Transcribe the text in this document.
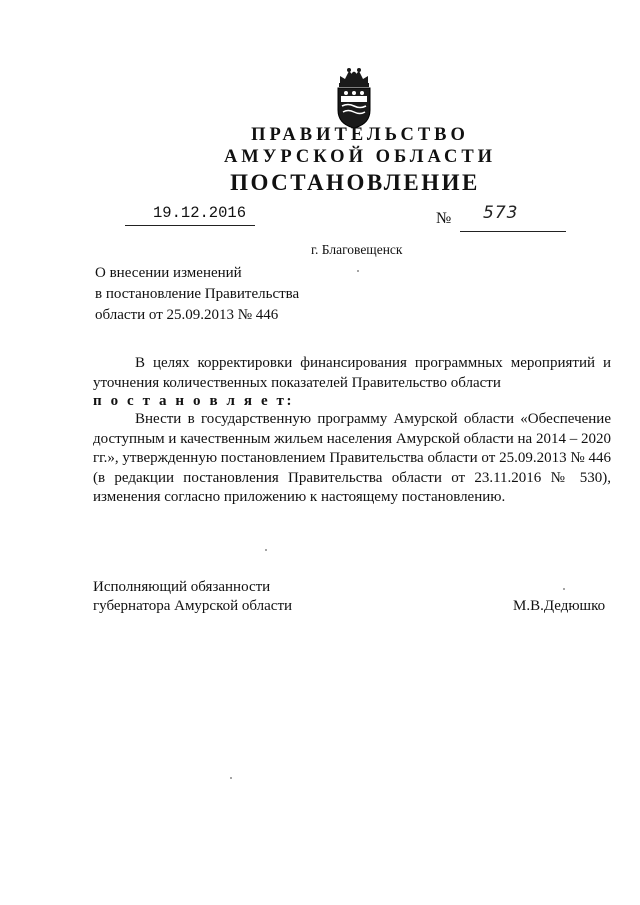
ПРАВИТЕЛЬСТВО
АМУРСКОЙ ОБЛАСТИ
ПОСТАНОВЛЕНИЕ
19.12.2016	№ 573
г. Благовещенск
О внесении изменений
в постановление Правительства
области от 25.09.2013 № 446

В целях корректировки финансирования программных мероприятий и уточнения количественных показателей Правительство области

п о с т а н о в л я е т:

Внести в государственную программу Амурской области «Обеспечение доступным и качественным жильем населения Амурской области на 2014 – 2020 гг.», утвержденную постановлением Правительства области от 25.09.2013 № 446 (в редакции постановления Правительства области от 23.11.2016 № 530), изменения согласно приложению к настоящему постановлению.

Исполняющий обязанности
губернатора Амурской области	М.В.Дедюшко
